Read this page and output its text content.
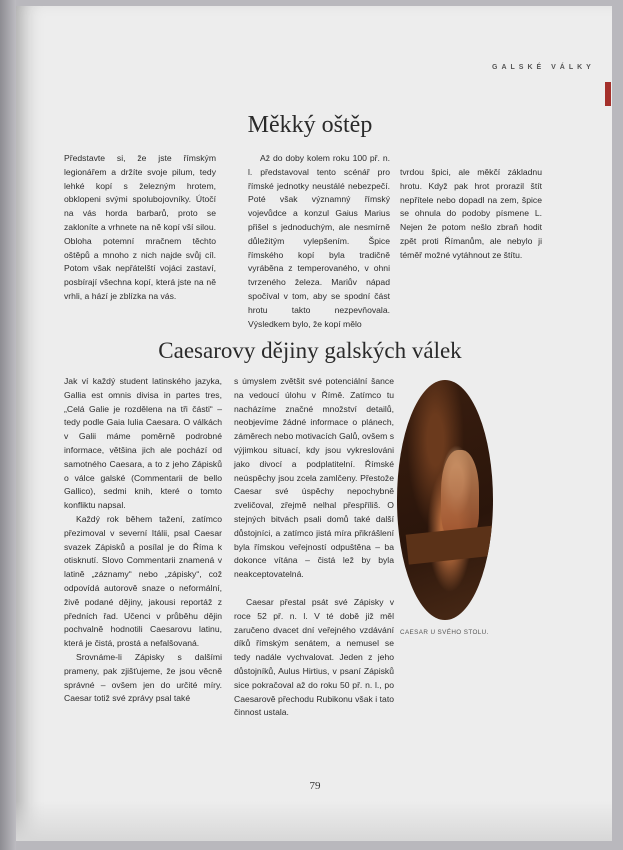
GALSKÉ VÁLKY
Měkký oštěp

Představte si, že jste římským legionářem a držíte svoje pilum, tedy lehké kopí s železným hrotem, obklopeni svými spolubojovníky. Útočí na vás horda barbarů, proto se zakloníte a vrhnete na ně kopí vší silou. Obloha potemní mračnem těchto oštěpů a mnoho z nich najde svůj cíl. Potom však nepřátelští vojáci zastaví, posbírají všechna kopí, která jste na ně vrhli, a hází je zblízka na vás.

Až do doby kolem roku 100 př. n. l. představoval tento scénář pro římské jednotky neustálé nebezpečí. Poté však významný římský vojevůdce a konzul Gaius Marius přišel s jednoduchým, ale nesmírně důležitým vylepšením. Špice římského kopí byla tradičně vyráběna z temperovaného, v ohni tvrzeného železa. Mariův nápad spočíval v tom, aby se spodní část hrotu takto nezpevňovala. Výsledkem bylo, že kopí mělo

tvrdou špici, ale měkčí základnu hrotu. Když pak hrot prorazil štít nepřítele nebo dopadl na zem, špice se ohnula do podoby písmene L. Nejen že potom nešlo zbraň hodit zpět proti Římanům, ale nebylo ji téměř možné vytáhnout ze štítu.

Caesarovy dějiny galských válek

Jak ví každý student latinského jazyka, Gallia est omnis divisa in partes tres, „Celá Galie je rozdělena na tři části“ – tedy podle Gaia Iulia Caesara. O válkách v Galii máme poměrně podrobné informace, většina jich ale pochází od samotného Caesara, a to z jeho Zápisků o válce galské (Commentarii de bello Gallico), sedmi knih, které o tomto konfliktu napsal.

Každý rok během tažení, zatímco přezimoval v severní Itálii, psal Caesar svazek Zápisků a posílal je do Říma k otisknutí. Slovo Commentarii znamená v latině „záznamy“ nebo „zápisky“, což odpovídá autorově snaze o neformální, živě podané dějiny, jakousi reportáž z předních řad. Učenci v průběhu dějin pochvalně hodnotili Caesarovu latinu, která je čistá, prostá a nefalšovaná.

Srovnáme-li Zápisky s dalšími prameny, pak zjišťujeme, že jsou věcně správné – ovšem jen do určité míry. Caesar totiž své zprávy psal také

s úmyslem zvětšit své potenciální šance na vedoucí úlohu v Římě. Zatímco tu nacházíme značné množství detailů, neobjevíme žádné informace o plánech, záměrech nebo motivacích Galů, ovšem s výjimkou situací, kdy jsou vykreslováni jako divocí a podplatitelní. Římské neúspěchy jsou zcela zamlčeny. Přestože Caesar své úspěchy nepochybně zveličoval, zřejmě nelhal přespříliš. O stejných bitvách psali domů také další důstojníci, a zatímco jistá míra přikrášlení byla římskou veřejností odpuštěna – ba dokonce vítána – čistá lež by byla neakceptovatelná.

Caesar přestal psát své Zápisky v roce 52 př. n. l. V té době již měl zaručeno dvacet dní veřejného vzdávání díků římským senátem, a nemusel se tedy nadále vychvalovat. Jeden z jeho důstojníků, Aulus Hirtius, v psaní Zápisků sice pokračoval až do roku 50 př. n. l., po Caesarově přechodu Rubikonu však i tato činnost ustala.

CAESAR U SVÉHO STOLU.
79
